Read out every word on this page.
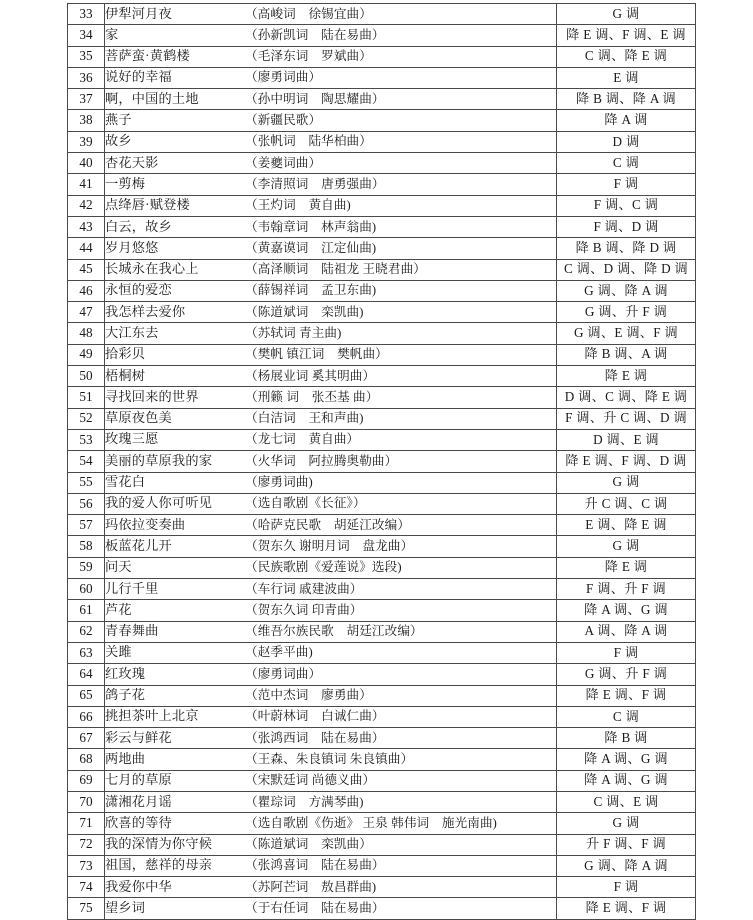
33	伊犁河月夜 （高峻词　徐锡宜曲）	G 调
34	家 （孙新凯词　陆在易曲）	降 E 调、F 调、E 调
35	菩萨蛮·黄鹤楼 （毛泽东词　罗斌曲）	C 调、降 E 调
36	说好的幸福 （廖勇词曲）	E 调
37	啊，中国的土地 （孙中明词　陶思耀曲）	降 B 调、降 A 调
38	燕子 （新疆民歌）	降 A 调
39	故乡 （张帆词　陆华柏曲）	D 调
40	杏花天影 （姜夔词曲）	C 调
41	一剪梅 （李清照词　唐勇强曲）	F 调
42	点绛唇·赋登楼 （王灼词　黄自曲)	F 调、C 调
43	白云，故乡 （韦翰章词　林声翁曲)	F 调、D 调
44	岁月悠悠 （黄嘉谟词　江定仙曲)	降 B 调、降 D 调
45	长城永在我心上 （高泽顺词　陆祖龙 王晓君曲）	C 调、D 调、降 D 调
46	永恒的爱恋 （薛锡祥词　孟卫东曲)	G 调、降 A 调
47	我怎样去爱你 （陈道斌词　栾凯曲)	G 调、升 F 调
48	大江东去 （苏轼词 青主曲)	G 调、E 调、F 调
49	拾彩贝 （樊帆 镇江词　樊帆曲）	降 B 调、A 调
50	梧桐树 （杨展业词 奚其明曲）	降 E 调
51	寻找回来的世界 （刑籁 词　张丕基 曲）	D 调、C 调、降 E 调
52	草原夜色美 （白洁词　王和声曲)	F 调、升 C 调、D 调
53	玫瑰三愿 （龙七词　黄自曲）	D 调、E 调
54	美丽的草原我的家 （火华词　阿拉腾奥勒曲）	降 E 调、F 调、D 调
55	雪花白 （廖勇词曲)	G 调
56	我的爱人你可听见 （选自歌剧《长征》）	升 C 调、C 调
57	玛依拉变奏曲 （哈萨克民歌　胡延江改编）	E 调、降 E 调
58	板蓝花儿开 （贺东久 谢明月词　盘龙曲）	G 调
59	问天 （民族歌剧《爱莲说》选段)	降 E 调
60	儿行千里 （车行词 戚建波曲）	F 调、升 F 调
61	芦花 （贺东久词 印青曲）	降 A 调、G 调
62	青春舞曲 （维吾尔族民歌　胡廷江改编）	A 调、降 A 调
63	关雎 （赵季平曲)	F 调
64	红玫瑰 （廖勇词曲）	G 调、升 F 调
65	鸽子花 （范中杰词　廖勇曲）	降 E 调、F 调
66	挑担茶叶上北京 （叶蔚林词　白诚仁曲）	C 调
67	彩云与鲜花 （张鸿西词　陆在易曲）	降 B 调
68	两地曲 （王森、朱良镇词 朱良镇曲）	降 A 调、G 调
69	七月的草原 （宋默廷词 尚德义曲）	降 A 调、G 调
70	潇湘花月谣 （瞿琮词　方满琴曲)	C 调、E 调
71	欣喜的等待 （选自歌剧《伤逝》 王泉 韩伟词　施光南曲)	G 调
72	我的深情为你守候 （陈道斌词　栾凯曲）	升 F 调、F 调
73	祖国，慈祥的母亲 （张鸿喜词　陆在易曲）	G 调、降 A 调
74	我爱你中华 （苏阿芒词　敖昌群曲)	F 调
75	望乡词 （于右任词　陆在易曲）	降 E 调、F 调
